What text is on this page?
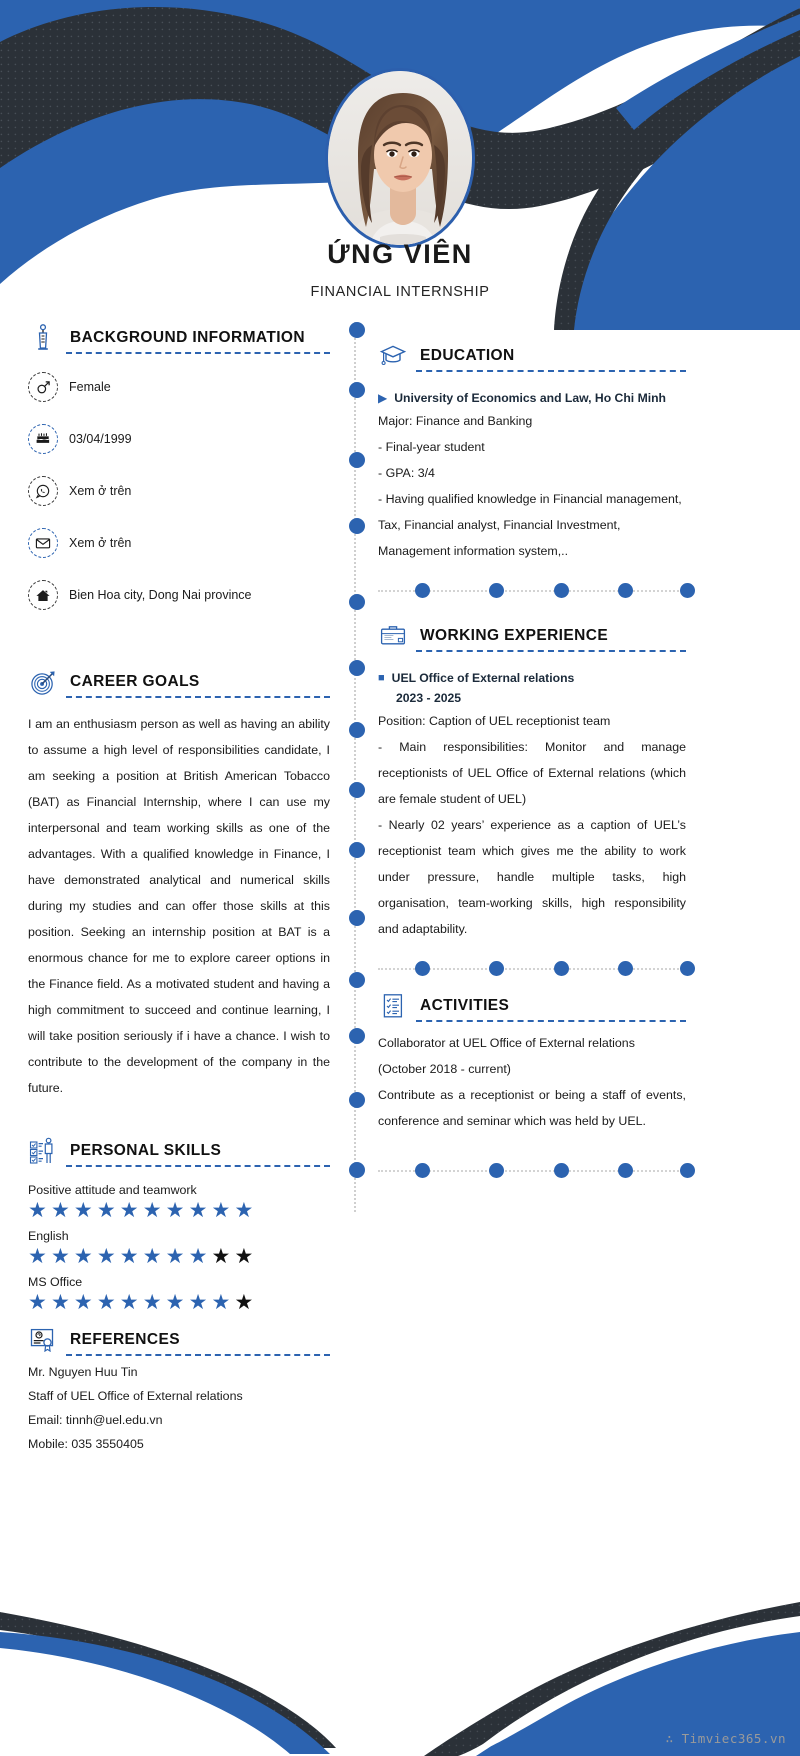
ỨNG VIÊN
FINANCIAL INTERNSHIP
BACKGROUND INFORMATION
Female
03/04/1999
Xem ở trên
Xem ở trên
Bien Hoa city, Dong Nai province
CAREER GOALS
I am an enthusiasm person as well as having an ability to assume a high level of responsibilities candidate, I am seeking a position at British American Tobacco (BAT) as Financial Internship, where I can use my interpersonal and team working skills as one of the advantages. With a qualified knowledge in Finance, I have demonstrated analytical and numerical skills during my studies and can offer those skills at this position. Seeking an internship position at BAT is a enormous chance for me to explore career options in the Finance field. As a motivated student and having a high commitment to succeed and continue learning, I will take position seriously if i have a chance. I wish to contribute to the development of the company in the future.
PERSONAL SKILLS
Positive attitude and teamwork
★★★★★★★★★★
English
★★★★★★★★★★
MS Office
★★★★★★★★★★
REFERENCES
Mr. Nguyen Huu Tin
Staff of UEL Office of External relations
Email: tinnh@uel.edu.vn
Mobile: 035 3550405
EDUCATION
▶ University of Economics and Law, Ho Chi Minh
Major: Finance and Banking
- Final-year student
- GPA: 3/4
- Having qualified knowledge in Financial management, Tax, Financial analyst, Financial Investment, Management information system,..
WORKING EXPERIENCE
■ UEL Office of External relations
2023 - 2025
Position: Caption of UEL receptionist team
- Main responsibilities: Monitor and manage receptionists of UEL Office of External relations (which are female student of UEL)
- Nearly 02 years’ experience as a caption of UEL’s receptionist team which gives me the ability to work under pressure, handle multiple tasks, high organisation, team-working skills, high responsibility and adaptability.
ACTIVITIES
Collaborator at UEL Office of External relations (October 2018 - current)
Contribute as a receptionist or being a staff of events, conference and seminar which was held by UEL.
∴ Timviec365.vn
